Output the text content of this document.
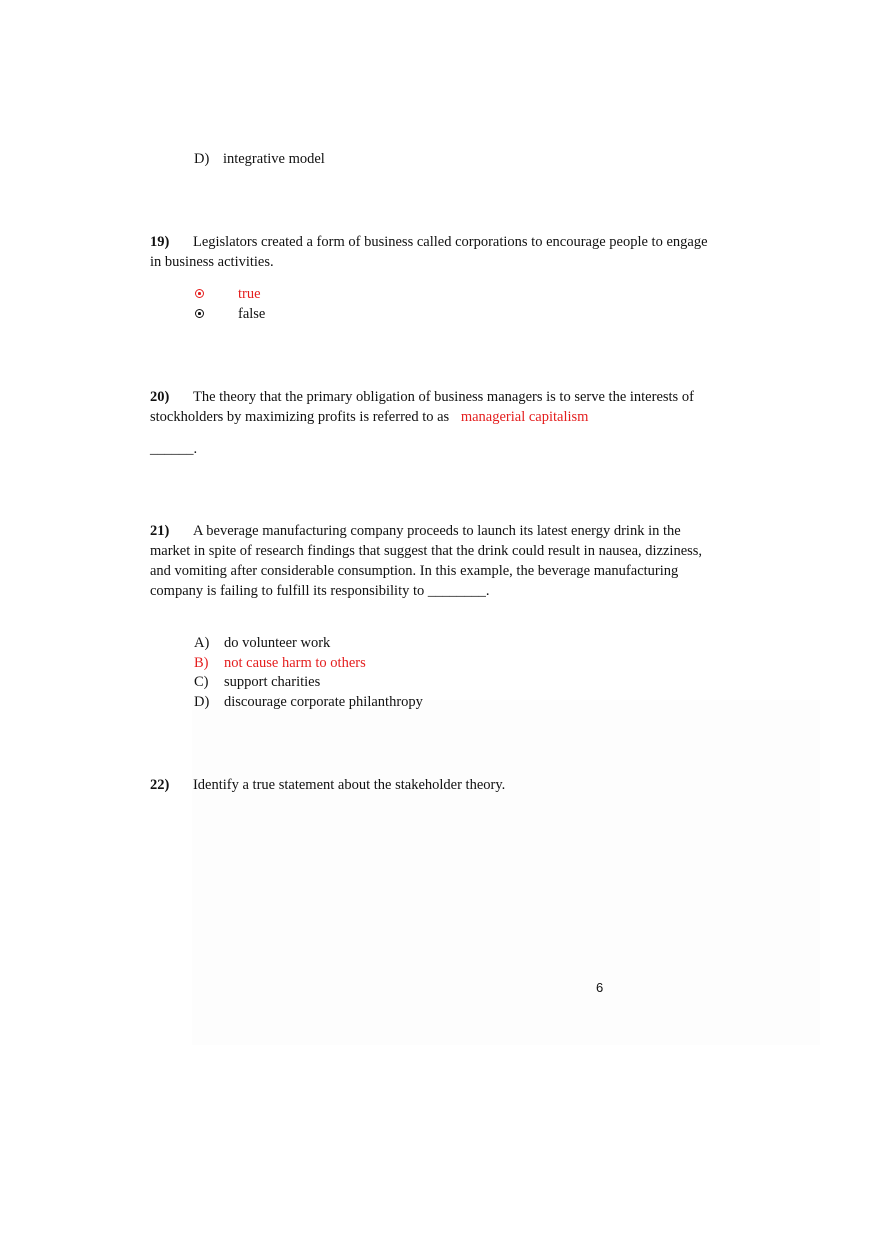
D) integrative model
19) Legislators created a form of business called corporations to encourage people to engage
in business activities.
true
false
20) The theory that the primary obligation of business managers is to serve the interests of
stockholders by maximizing profits is referred to as managerial capitalism
______.
21) A beverage manufacturing company proceeds to launch its latest energy drink in the
market in spite of research findings that suggest that the drink could result in nausea, dizziness,
and vomiting after considerable consumption. In this example, the beverage manufacturing
company is failing to fulfill its responsibility to ________.
A) do volunteer work
B) not cause harm to others
C) support charities
D) discourage corporate philanthropy
22) Identify a true statement about the stakeholder theory.
6
